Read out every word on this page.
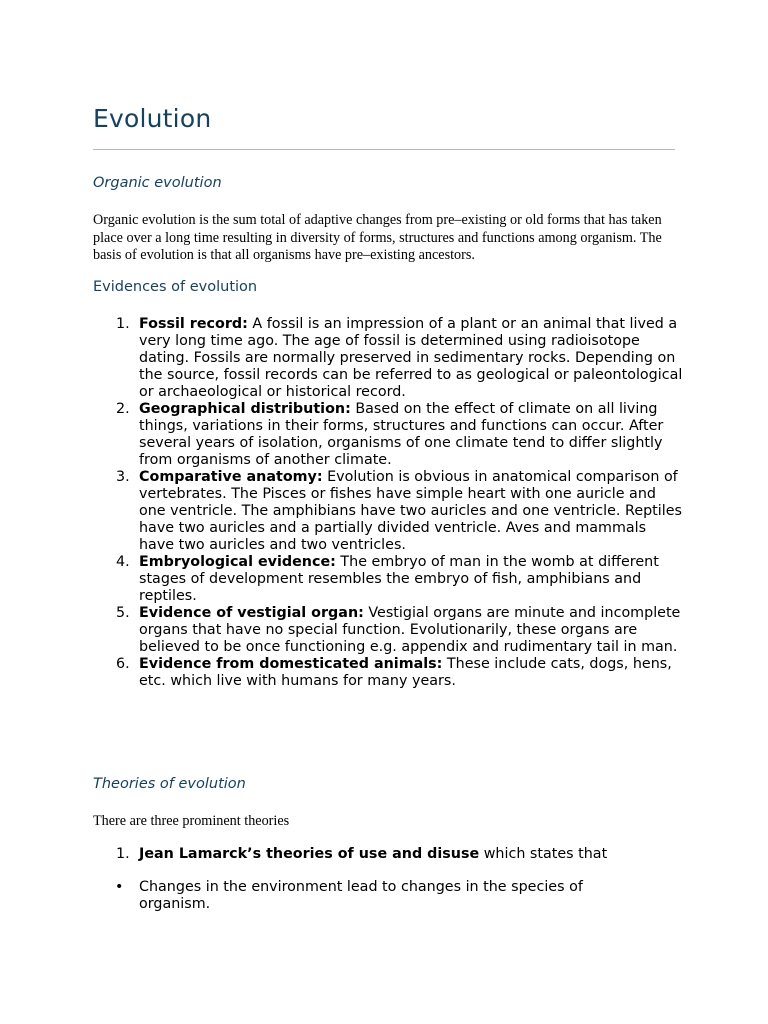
Evolution
Organic evolution

Organic evolution is the sum total of adaptive changes from pre–existing or old forms that has taken place over a long time resulting in diversity of forms, structures and functions among organism. The basis of evolution is that all organisms have pre–existing ancestors.

Evidences of evolution
1. Fossil record: A fossil is an impression of a plant or an animal that lived a very long time ago. The age of fossil is determined using radioisotope dating. Fossils are normally preserved in sedimentary rocks. Depending on the source, fossil records can be referred to as geological or paleontological or archaeological or historical record.
2. Geographical distribution: Based on the effect of climate on all living things, variations in their forms, structures and functions can occur. After several years of isolation, organisms of one climate tend to differ slightly from organisms of another climate.
3. Comparative anatomy: Evolution is obvious in anatomical comparison of vertebrates. The Pisces or fishes have simple heart with one auricle and one ventricle. The amphibians have two auricles and one ventricle. Reptiles have two auricles and a partially divided ventricle. Aves and mammals have two auricles and two ventricles.
4. Embryological evidence: The embryo of man in the womb at different stages of development resembles the embryo of fish, amphibians and reptiles.
5. Evidence of vestigial organ: Vestigial organs are minute and incomplete organs that have no special function. Evolutionarily, these organs are believed to be once functioning e.g. appendix and rudimentary tail in man.
6. Evidence from domesticated animals: These include cats, dogs, hens, etc. which live with humans for many years.
Theories of evolution

There are three prominent theories

1. Jean Lamarck’s theories of use and disuse which states that
• Changes in the environment lead to changes in the species of organism.
